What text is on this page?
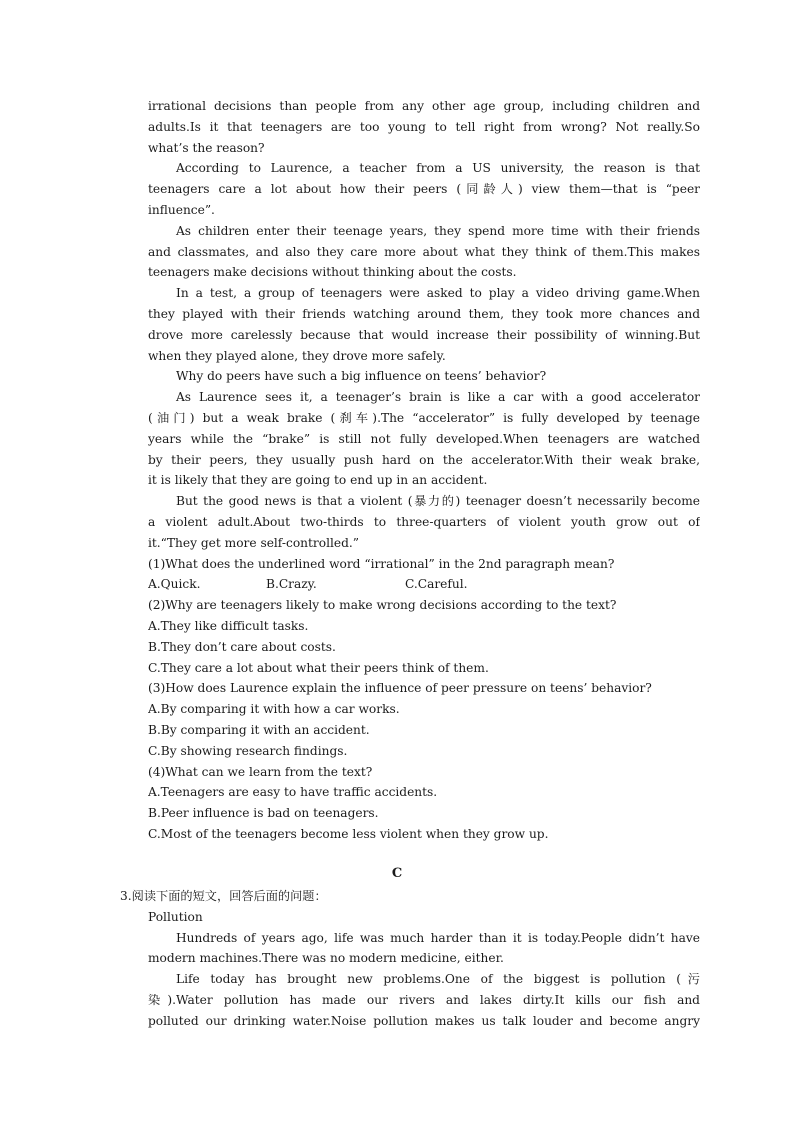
irrational decisions than people from any other age group, including children and
adults.Is it that teenagers are too young to tell right from wrong? Not really.So
what’s the reason?
According to Laurence, a teacher from a US university, the reason is that
teenagers care a lot about how their peers (同龄人) view them—that is “peer
influence”.
As children enter their teenage years, they spend more time with their friends
and classmates, and also they care more about what they think of them.This makes
teenagers make decisions without thinking about the costs.
In a test, a group of teenagers were asked to play a video driving game.When
they played with their friends watching around them, they took more chances and
drove more carelessly because that would increase their possibility of winning.But
when they played alone, they drove more safely.
Why do peers have such a big influence on teens’ behavior?
As Laurence sees it, a teenager’s brain is like a car with a good accelerator
(油门) but a weak brake (刹车).The “accelerator” is fully developed by teenage
years while the “brake” is still not fully developed.When teenagers are watched
by their peers, they usually push hard on the accelerator.With their weak brake,
it is likely that they are going to end up in an accident.
But the good news is that a violent (暴力的) teenager doesn’t necessarily become
a violent adult.About two-thirds to three-quarters of violent youth grow out of
it.“They get more self-controlled.”
(1)What does the underlined word “irrational” in the 2nd paragraph mean?
A.Quick.	B.Crazy.	C.Careful.
(2)Why are teenagers likely to make wrong decisions according to the text?
A.They like difficult tasks.
B.They don’t care about costs.
C.They care a lot about what their peers think of them.
(3)How does Laurence explain the influence of peer pressure on teens’ behavior?
A.By comparing it with how a car works.
B.By comparing it with an accident.
C.By showing research findings.
(4)What can we learn from the text?
A.Teenagers are easy to have traffic accidents.
B.Peer influence is bad on teenagers.
C.Most of the teenagers become less violent when they grow up.
C
3.阅读下面的短文，回答后面的问题：
Pollution
Hundreds of years ago, life was much harder than it is today.People didn’t have
modern machines.There was no modern medicine, either.
Life today has brought new problems.One of the biggest is pollution (污
染).Water pollution has made our rivers and lakes dirty.It kills our fish and
polluted our drinking water.Noise pollution makes us talk louder and become angry
